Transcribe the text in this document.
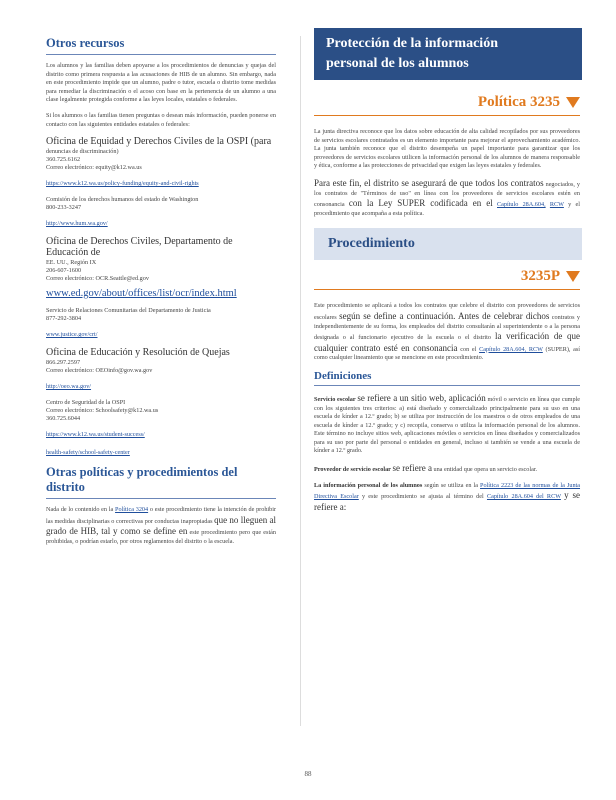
Otros recursos

Los alumnos y las familias deben apoyarse a los procedimientos de denuncias y quejas del distrito como primera respuesta a las acusaciones de HIB de un alumno. Sin embargo, nada en este procedimiento impide que un alumno, padre o tutor, escuela o distrito tome medidas para remediar la discriminación o el acoso con base en la pertenencia de un alumno a una clase legalmente protegida conforme a las leyes locales, estatales o federales.

Si los alumnos o las familias tienen preguntas o desean más información, pueden ponerse en contacto con las siguientes entidades estatales o federales:

Oficina de Equidad y Derechos Civiles de la OSPI (para

denuncias de discriminación)

360.725.6162

Correo electrónico: equity@k12.wa.us

https://www.k12.wa.us/policy-funding/equity-and-civil-rights

Comisión de los derechos humanos del estado de Washington

800-233-3247

http://www.hum.wa.gov/
Oficina de Derechos Civiles, Departamento de Educación de

EE. UU., Región IX

206-607-1600

Correo electrónico: OCR.Seattle@ed.gov

www.ed.gov/about/offices/list/ocr/index.html

Servicio de Relaciones Comunitarias del Departamento de Justicia

877-292-3804

www.justice.gov/crt/
Oficina de Educación y Resolución de Quejas

866.297.2597

Correo electrónico: OEOinfo@gov.wa.gov

http://oeo.wa.gov/

Centro de Seguridad de la OSPI

Correo electrónico: Schoolsafety@k12.wa.us

360.725.6044

https://www.k12.wa.us/student-success/
health-safety/school-safety-center
Otras políticas y procedimientos del distrito

Nada de lo contenido en la Política 3204 o este procedimiento tiene la intención de prohibir las medidas disciplinarias o correctivas por conductas inapropiadas que no lleguen al grado de HIB, tal y como se define en este procedimiento pero que están prohibidas, o podrían estarlo, por otros reglamentos del distrito o la escuela.

Protección de la información
personal de los alumnos
Política 3235

La junta directiva reconoce que los datos sobre educación de alta calidad recopilados por sus proveedores de servicios escolares contratados es un elemento importante para mejorar el aprovechamiento académico. La junta también reconoce que el distrito desempeña un papel importante para garantizar que los proveedores de servicios escolares utilicen la información personal de los alumnos de manera responsable y ética, conforme a las protecciones de privacidad que exigen las leyes estatales y federales.

Para este fin, el distrito se asegurará de que todos los contratos negociados, y los contratos de "Términos de uso" en línea con los proveedores de servicios escolares estén en consonancia con la Ley SUPER codificada en el Capítulo 28A.604, RCW y el procedimiento que acompaña a esta política.

Procedimiento
3235P

Este procedimiento se aplicará a todos los contratos que celebre el distrito con proveedores de servicios escolares según se define a continuación. Antes de celebrar dichos contratos y independientemente de su forma, los empleados del distrito consultarán al superintendente o a la persona designada o al funcionario ejecutivo de la escuela o el distrito la verificación de que cualquier contrato esté en consonancia con el Capítulo 28A.604, RCW (SUPER), así como cualquier lineamiento que se mencione en este procedimiento.

Definiciones

Servicio escolar se refiere a un sitio web, aplicación móvil o servicio en línea que cumple con los siguientes tres criterios: a) está diseñado y comercializado principalmente para su uso en una escuela de kínder a 12.º grado; b) se utiliza por instrucción de los maestros o de otros empleados de una escuela de kínder a 12.º grado; y c) recopila, conserva o utiliza la información personal de los alumnos. Este término no incluye sitios web, aplicaciones móviles o servicios en línea diseñados y comercializados para su uso por parte del personal o entidades en general, incluso si también se vende a una escuela de kínder a 12.º grado.

Proveedor de servicio escolar se refiere a una entidad que opera un servicio escolar.

La información personal de los alumnos según se utiliza en la Política 2223 de las normas de la Junta Directiva Escolar y este procedimiento se ajusta al término del Capítulo 28A.604 del RCW y se refiere a:

88
